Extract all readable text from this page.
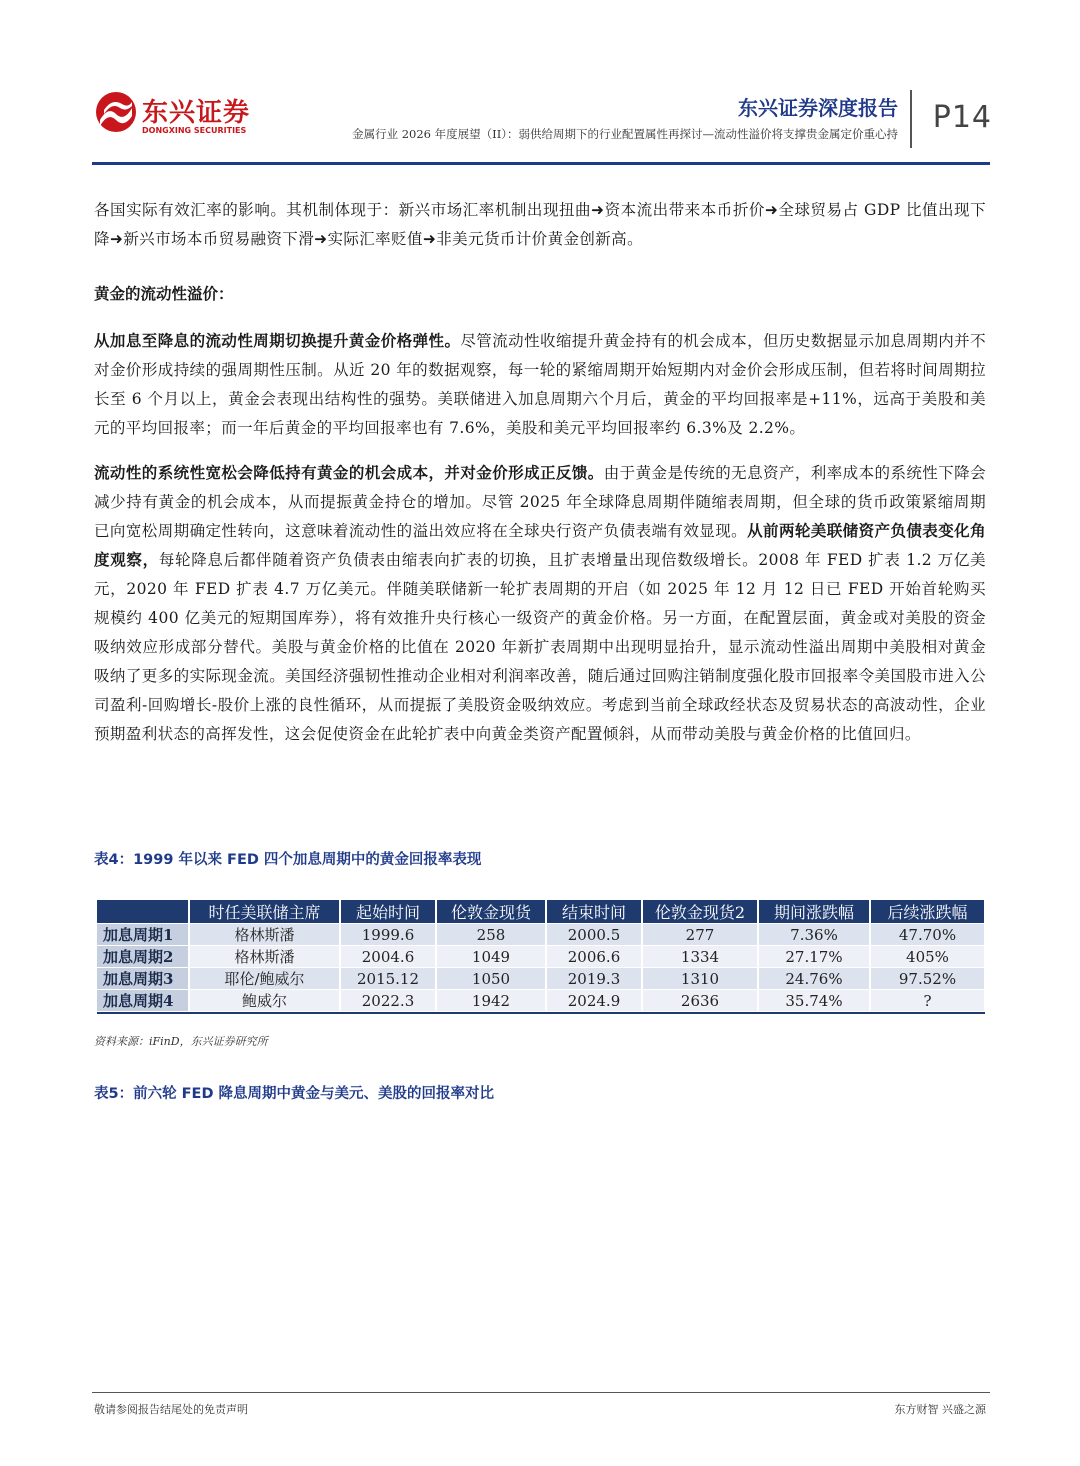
东兴证券
DONGXING SECURITIES
东兴证券深度报告 P14
金属行业 2026 年度展望（II）：弱供给周期下的行业配置属性再探讨—流动性溢价将支撑贵金属定价重心持

各国实际有效汇率的影响。其机制体现于：新兴市场汇率机制出现扭曲➜资本流出带来本币折价➜全球贸易占 GDP 比值出现下降➜新兴市场本币贸易融资下滑➜实际汇率贬值➜非美元货币计价黄金创新高。

黄金的流动性溢价：

从加息至降息的流动性周期切换提升黄金价格弹性。尽管流动性收缩提升黄金持有的机会成本，但历史数据显示加息周期内并不对金价形成持续的强周期性压制。从近 20 年的数据观察，每一轮的紧缩周期开始短期内对金价会形成压制，但若将时间周期拉长至 6 个月以上，黄金会表现出结构性的强势。美联储进入加息周期六个月后，黄金的平均回报率是+11%，远高于美股和美元的平均回报率；而一年后黄金的平均回报率也有 7.6%，美股和美元平均回报率约 6.3%及 2.2%。

流动性的系统性宽松会降低持有黄金的机会成本，并对金价形成正反馈。由于黄金是传统的无息资产，利率成本的系统性下降会减少持有黄金的机会成本，从而提振黄金持仓的增加。尽管 2025 年全球降息周期伴随缩表周期，但全球的货币政策紧缩周期已向宽松周期确定性转向，这意味着流动性的溢出效应将在全球央行资产负债表端有效显现。从前两轮美联储资产负债表变化角度观察，每轮降息后都伴随着资产负债表由缩表向扩表的切换，且扩表增量出现倍数级增长。2008 年 FED 扩表 1.2 万亿美元，2020 年 FED 扩表 4.7 万亿美元。伴随美联储新一轮扩表周期的开启（如 2025 年 12 月 12 日已 FED 开始首轮购买规模约 400 亿美元的短期国库券），将有效推升央行核心一级资产的黄金价格。另一方面，在配置层面，黄金或对美股的资金吸纳效应形成部分替代。美股与黄金价格的比值在 2020 年新扩表周期中出现明显抬升，显示流动性溢出周期中美股相对黄金吸纳了更多的实际现金流。美国经济强韧性推动企业相对利润率改善，随后通过回购注销制度强化股市回报率令美国股市进入公司盈利-回购增长-股价上涨的良性循环，从而提振了美股资金吸纳效应。考虑到当前全球政经状态及贸易状态的高波动性，企业预期盈利状态的高挥发性，这会促使资金在此轮扩表中向黄金类资产配置倾斜，从而带动美股与黄金价格的比值回归。

表4：1999 年以来 FED 四个加息周期中的黄金回报率表现
	时任美联储主席	起始时间	伦敦金现货	结束时间	伦敦金现货2	期间涨跌幅	后续涨跌幅
加息周期1	格林斯潘	1999.6	258	2000.5	277	7.36%	47.70%
加息周期2	格林斯潘	2004.6	1049	2006.6	1334	27.17%	405%
加息周期3	耶伦/鲍威尔	2015.12	1050	2019.3	1310	24.76%	97.52%
加息周期4	鲍威尔	2022.3	1942	2024.9	2636	35.74%	?
资料来源：iFinD，东兴证券研究所
表5：前六轮 FED 降息周期中黄金与美元、美股的回报率对比
敬请参阅报告结尾处的免责声明	东方财智 兴盛之源
